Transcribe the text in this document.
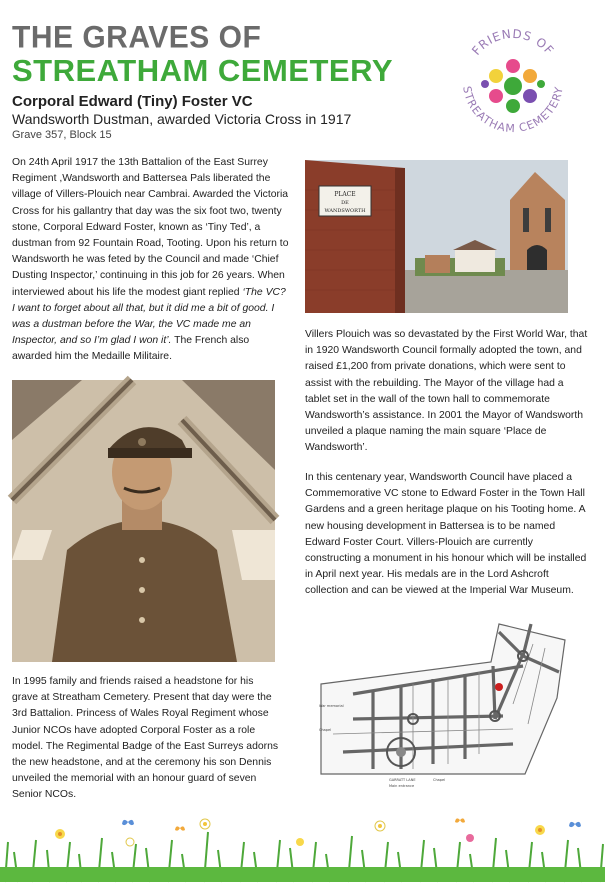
THE GRAVES OF
STREATHAM CEMETERY
Corporal Edward (Tiny) Foster VC
Wandsworth Dustman, awarded Victoria Cross in 1917
Grave 357, Block 15
FRIENDS OF
STREATHAM CEMETERY
On 24th April 1917 the 13th Battalion of the East Surrey Regiment ,Wandsworth and Battersea Pals liberated the village of Villers-Plouich near Cambrai. Awarded the Victoria Cross for his gallantry that day was the six foot two, twenty stone, Corporal Edward Foster, known as ‘Tiny Ted’, a dustman from 92 Fountain Road, Tooting. Upon his return to Wandsworth he was feted by the Council and made ‘Chief Dusting Inspector,’ continuing in this job for 26 years. When interviewed about his life the modest giant replied ‘The VC? I want to forget about all that, but it did me a bit of good. I was a dustman before the War, the VC made me an Inspector, and so I’m glad I won it’. The French also awarded him the Medaille Militaire.
PLACE
DE
WANDSWORTH
Villers Plouich was so devastated by the First World War, that in 1920 Wandsworth Council formally adopted the town, and raised £1,200 from private donations, which were sent to assist with the rebuilding. The Mayor of the village had a tablet set in the wall of the town hall to commemorate Wandsworth’s assistance. In 2001 the Mayor of Wandsworth unveiled a plaque naming the main square ‘Place de Wandsworth’.
In this centenary year, Wandsworth Council have placed a Commemorative VC stone to Edward Foster in the Town Hall Gardens and a green heritage plaque on his Tooting home. A new housing development in Battersea is to be named Edward Foster Court. Villers-Plouich are currently constructing a monument in his honour which will be installed in April next year. His medals are in the Lord Ashcroft collection and can be viewed at the Imperial War Museum.
In 1995 family and friends raised a headstone for his grave at Streatham Cemetery. Present that day were the 3rd Battalion. Princess of Wales Royal Regiment whose Junior NCOs have adopted Corporal Foster as a role model. The Regimental Badge of the East Surreys adorns the new headstone, and at the ceremony his son Dennis unveiled the memorial with an honour guard of seven Senior NCOs.
War memorial
Chapel
GARRATT LANE
Main entrance
Chapel
